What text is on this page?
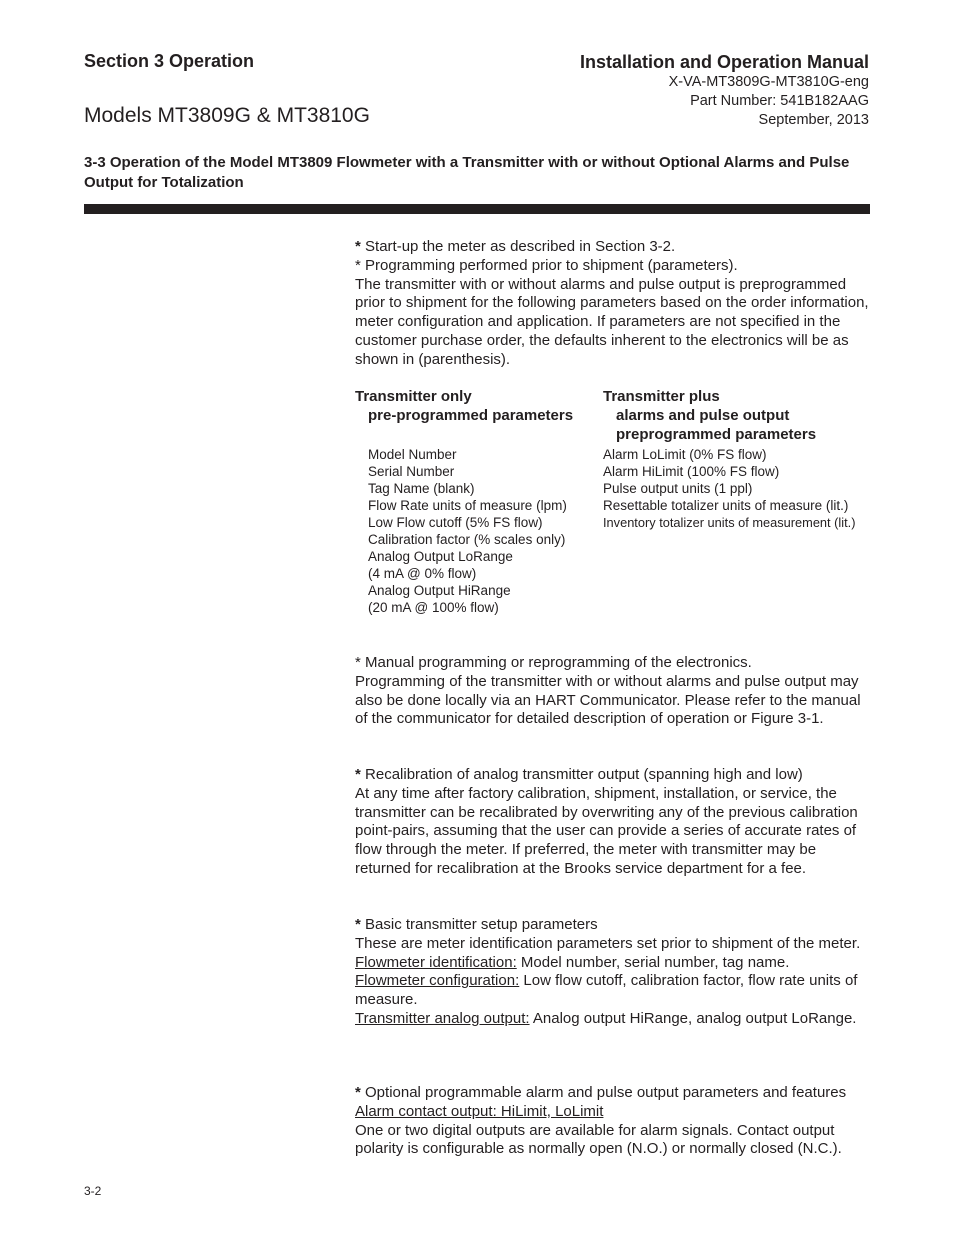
Section 3 Operation
Models MT3809G & MT3810G
Installation and Operation Manual
X-VA-MT3809G-MT3810G-eng
Part Number: 541B182AAG
September, 2013
3-3 Operation of the Model MT3809 Flowmeter with a Transmitter with or without Optional Alarms and Pulse Output for Totalization

* Start-up the meter as described in Section 3-2.

* Programming performed prior to shipment (parameters).

The transmitter with or without alarms and pulse output is preprogrammed prior to shipment for the following parameters based on the order information, meter configuration and application. If parameters are not specified in the customer purchase order, the defaults inherent to the electronics will be as shown in (parenthesis).

Transmitter only
pre-programmed parameters
Transmitter plus
alarms and pulse output
preprogrammed parameters
Model Number
Serial Number
Tag Name (blank)
Flow Rate units of measure (lpm)
Low Flow cutoff (5% FS flow)
Calibration factor (% scales only)
Analog Output LoRange
(4 mA @ 0% flow)
Analog Output HiRange
(20 mA @ 100% flow)
Alarm LoLimit (0% FS flow)
Alarm HiLimit (100% FS flow)
Pulse output units (1 ppl)
Resettable totalizer units of measure (lit.)
Inventory totalizer units of measurement (lit.)

* Manual programming or reprogramming of the electronics.

Programming of the transmitter with or without alarms and pulse output may also be done locally via an HART Communicator. Please refer to the manual of the communicator for detailed description of operation or Figure 3-1.

* Recalibration of analog transmitter output (spanning high and low)

At any time after factory calibration, shipment, installation, or service, the transmitter can be recalibrated by overwriting any of the previous calibration point-pairs, assuming that the user can provide a series of accurate rates of flow through the meter. If preferred, the meter with transmitter may be returned for recalibration at the Brooks service department for a fee.

* Basic transmitter setup parameters

These are meter identification parameters set prior to shipment of the meter.

Flowmeter identification: Model number, serial number, tag name.

Flowmeter configuration: Low flow cutoff, calibration factor, flow rate units of measure.

Transmitter analog output: Analog output HiRange, analog output LoRange.

* Optional programmable alarm and pulse output parameters and features

Alarm contact output: HiLimit, LoLimit

One or two digital outputs are available for alarm signals. Contact output polarity is configurable as normally open (N.O.) or normally closed (N.C.).

3-2
